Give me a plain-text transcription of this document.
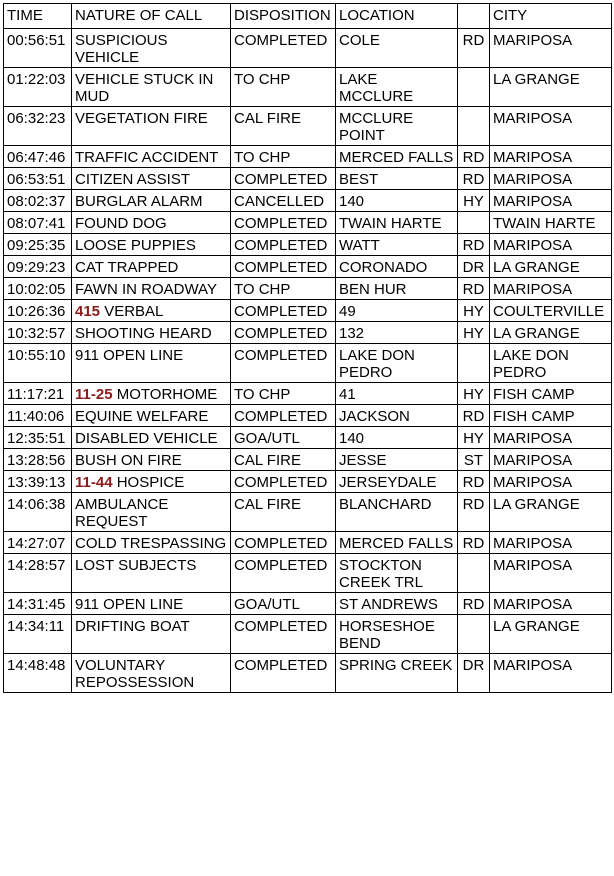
TIME	NATURE OF CALL	DISPOSITION	LOCATION		CITY
00:56:51	SUSPICIOUS VEHICLE	COMPLETED	COLE	RD	MARIPOSA
01:22:03	VEHICLE STUCK IN MUD	TO CHP	LAKE MCCLURE		LA GRANGE
06:32:23	VEGETATION FIRE	CAL FIRE	MCCLURE POINT		MARIPOSA
06:47:46	TRAFFIC ACCIDENT	TO CHP	MERCED FALLS	RD	MARIPOSA
06:53:51	CITIZEN ASSIST	COMPLETED	BEST	RD	MARIPOSA
08:02:37	BURGLAR ALARM	CANCELLED	140	HY	MARIPOSA
08:07:41	FOUND DOG	COMPLETED	TWAIN HARTE		TWAIN HARTE
09:25:35	LOOSE PUPPIES	COMPLETED	WATT	RD	MARIPOSA
09:29:23	CAT TRAPPED	COMPLETED	CORONADO	DR	LA GRANGE
10:02:05	FAWN IN ROADWAY	TO CHP	BEN HUR	RD	MARIPOSA
10:26:36	415 VERBAL	COMPLETED	49	HY	COULTERVILLE
10:32:57	SHOOTING HEARD	COMPLETED	132	HY	LA GRANGE
10:55:10	911 OPEN LINE	COMPLETED	LAKE DON PEDRO		LAKE DON PEDRO
11:17:21	11-25 MOTORHOME	TO CHP	41	HY	FISH CAMP
11:40:06	EQUINE WELFARE	COMPLETED	JACKSON	RD	FISH CAMP
12:35:51	DISABLED VEHICLE	GOA/UTL	140	HY	MARIPOSA
13:28:56	BUSH ON FIRE	CAL FIRE	JESSE	ST	MARIPOSA
13:39:13	11-44 HOSPICE	COMPLETED	JERSEYDALE	RD	MARIPOSA
14:06:38	AMBULANCE REQUEST	CAL FIRE	BLANCHARD	RD	LA GRANGE
14:27:07	COLD TRESPASSING	COMPLETED	MERCED FALLS	RD	MARIPOSA
14:28:57	LOST SUBJECTS	COMPLETED	STOCKTON CREEK TRL		MARIPOSA
14:31:45	911 OPEN LINE	GOA/UTL	ST ANDREWS	RD	MARIPOSA
14:34:11	DRIFTING BOAT	COMPLETED	HORSESHOE BEND		LA GRANGE
14:48:48	VOLUNTARY REPOSSESSION	COMPLETED	SPRING CREEK	DR	MARIPOSA
